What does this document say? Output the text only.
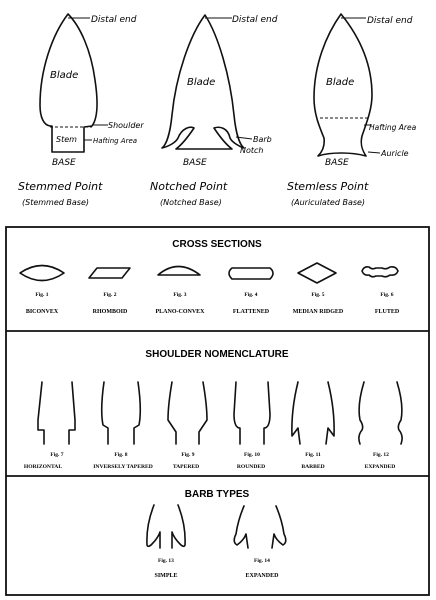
Distal end
Blade
Shoulder
Stem Hafting Area
BASE
Distal end
Blade
Barb
Notch
BASE
Distal end
Blade
Hafting Area
Auricle
BASE
Stemmed Point
(Stemmed Base)
Notched Point
(Notched Base)
Stemless Point
(Auriculated Base)
CROSS SECTIONS
Fig. 1
BICONVEX
Fig. 2
RHOMBOID
Fig. 3
PLANO-CONVEX
Fig. 4
FLATTENED
Fig. 5
MEDIAN RIDGED
Fig. 6
FLUTED
SHOULDER NOMENCLATURE
Fig. 7
HORIZONTAL
Fig. 8
INVERSELY TAPERED
Fig. 9
TAPERED
Fig. 10
ROUNDED
Fig. 11
BARBED
Fig. 12
EXPANDED
BARB TYPES
Fig. 13
SIMPLE
Fig. 14
EXPANDED
